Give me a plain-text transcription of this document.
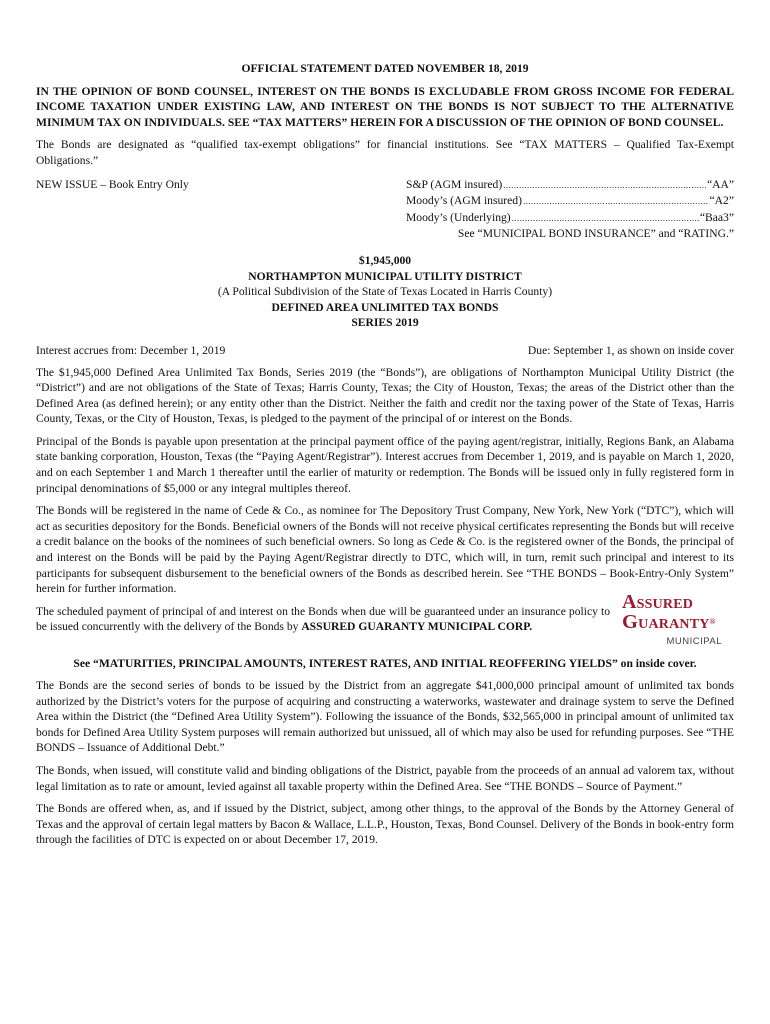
OFFICIAL STATEMENT DATED NOVEMBER 18, 2019

IN THE OPINION OF BOND COUNSEL, INTEREST ON THE BONDS IS EXCLUDABLE FROM GROSS INCOME FOR FEDERAL INCOME TAXATION UNDER EXISTING LAW, AND INTEREST ON THE BONDS IS NOT SUBJECT TO THE ALTERNATIVE MINIMUM TAX ON INDIVIDUALS. SEE “TAX MATTERS” HEREIN FOR A DISCUSSION OF THE OPINION OF BOND COUNSEL.

The Bonds are designated as “qualified tax-exempt obligations” for financial institutions. See “TAX MATTERS – Qualified Tax-Exempt Obligations.”

NEW ISSUE – Book Entry Only	S&P (AGM insured) .....	“AA”
Moody’s (AGM insured) .....	“A2”
Moody’s (Underlying) .....	“Baa3”
See “MUNICIPAL BOND INSURANCE” and “RATING.”
$1,945,000
NORTHAMPTON MUNICIPAL UTILITY DISTRICT
(A Political Subdivision of the State of Texas Located in Harris County)
DEFINED AREA UNLIMITED TAX BONDS
SERIES 2019
Interest accrues from: December 1, 2019	Due: September 1, as shown on inside cover

The $1,945,000 Defined Area Unlimited Tax Bonds, Series 2019 (the “Bonds”), are obligations of Northampton Municipal Utility District (the “District”) and are not obligations of the State of Texas; Harris County, Texas; the City of Houston, Texas; the areas of the District other than the Defined Area (as defined herein); or any entity other than the District. Neither the faith and credit nor the taxing power of the State of Texas, Harris County, Texas, or the City of Houston, Texas, is pledged to the payment of the principal of or interest on the Bonds.

Principal of the Bonds is payable upon presentation at the principal payment office of the paying agent/registrar, initially, Regions Bank, an Alabama state banking corporation, Houston, Texas (the “Paying Agent/Registrar”). Interest accrues from December 1, 2019, and is payable on March 1, 2020, and on each September 1 and March 1 thereafter until the earlier of maturity or redemption. The Bonds will be issued only in fully registered form in principal denominations of $5,000 or any integral multiples thereof.

The Bonds will be registered in the name of Cede & Co., as nominee for The Depository Trust Company, New York, New York (“DTC”), which will act as securities depository for the Bonds. Beneficial owners of the Bonds will not receive physical certificates representing the Bonds but will receive a credit balance on the books of the nominees of such beneficial owners. So long as Cede & Co. is the registered owner of the Bonds, the principal of and interest on the Bonds will be paid by the Paying Agent/Registrar directly to DTC, which will, in turn, remit such principal and interest to its participants for subsequent disbursement to the beneficial owners of the Bonds as described herein. See “THE BONDS – Book-Entry-Only System” herein for further information.

The scheduled payment of principal of and interest on the Bonds when due will be guaranteed under an insurance policy to be issued concurrently with the delivery of the Bonds by ASSURED GUARANTY MUNICIPAL CORP.

Assured
Guaranty®
MUNICIPAL

See “MATURITIES, PRINCIPAL AMOUNTS, INTEREST RATES, AND INITIAL REOFFERING YIELDS” on inside cover.

The Bonds are the second series of bonds to be issued by the District from an aggregate $41,000,000 principal amount of unlimited tax bonds authorized by the District’s voters for the purpose of acquiring and constructing a waterworks, wastewater and drainage system to serve the Defined Area within the District (the “Defined Area Utility System”). Following the issuance of the Bonds, $32,565,000 in principal amount of unlimited tax bonds for Defined Area Utility System purposes will remain authorized but unissued, all of which may also be used for refunding purposes. See “THE BONDS – Issuance of Additional Debt.”

The Bonds, when issued, will constitute valid and binding obligations of the District, payable from the proceeds of an annual ad valorem tax, without legal limitation as to rate or amount, levied against all taxable property within the Defined Area. See “THE BONDS – Source of Payment.”

The Bonds are offered when, as, and if issued by the District, subject, among other things, to the approval of the Bonds by the Attorney General of Texas and the approval of certain legal matters by Bacon & Wallace, L.L.P., Houston, Texas, Bond Counsel. Delivery of the Bonds in book-entry form through the facilities of DTC is expected on or about December 17, 2019.
